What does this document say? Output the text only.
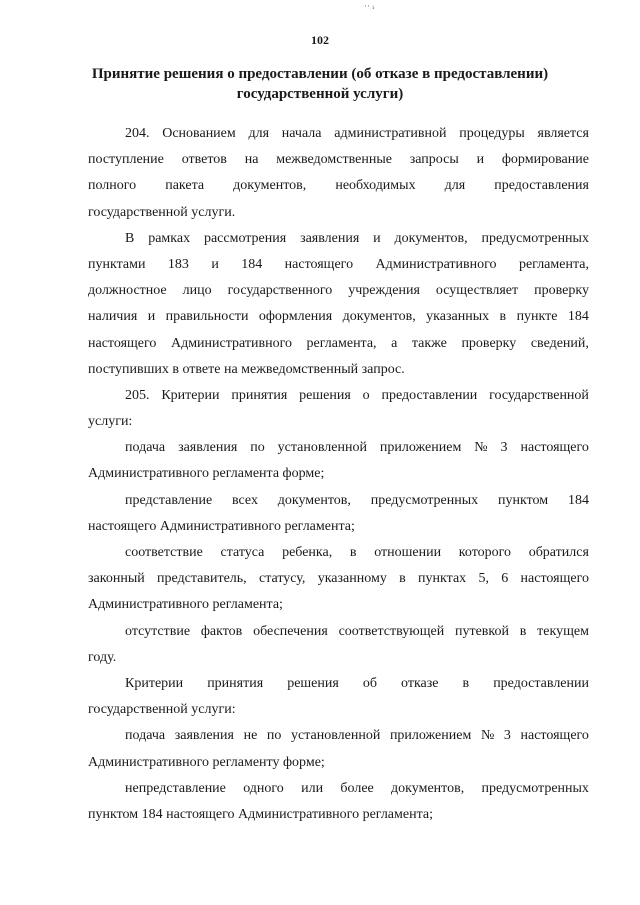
˙˙ ⁱ
102
Принятие решения о предоставлении (об отказе в предоставлении)
государственной услуги)
204. Основанием для начала административной процедуры является
поступление ответов на межведомственные запросы и формирование
полного пакета документов, необходимых для предоставления
государственной услуги.
В рамках рассмотрения заявления и документов, предусмотренных
пунктами 183 и 184 настоящего Административного регламента,
должностное лицо государственного учреждения осуществляет проверку
наличия и правильности оформления документов, указанных в пункте 184
настоящего Административного регламента, а также проверку сведений,
поступивших в ответе на межведомственный запрос.
205. Критерии принятия решения о предоставлении государственной
услуги:
подача заявления по установленной приложением № 3 настоящего
Административного регламента форме;
представление всех документов, предусмотренных пунктом 184
настоящего Административного регламента;
соответствие статуса ребенка, в отношении которого обратился
законный представитель, статусу, указанному в пунктах 5, 6 настоящего
Административного регламента;
отсутствие фактов обеспечения соответствующей путевкой в текущем
году.
Критерии принятия решения об отказе в предоставлении
государственной услуги:
подача заявления не по установленной приложением № 3 настоящего
Административного регламенту форме;
непредставление одного или более документов, предусмотренных
пунктом 184 настоящего Административного регламента;
